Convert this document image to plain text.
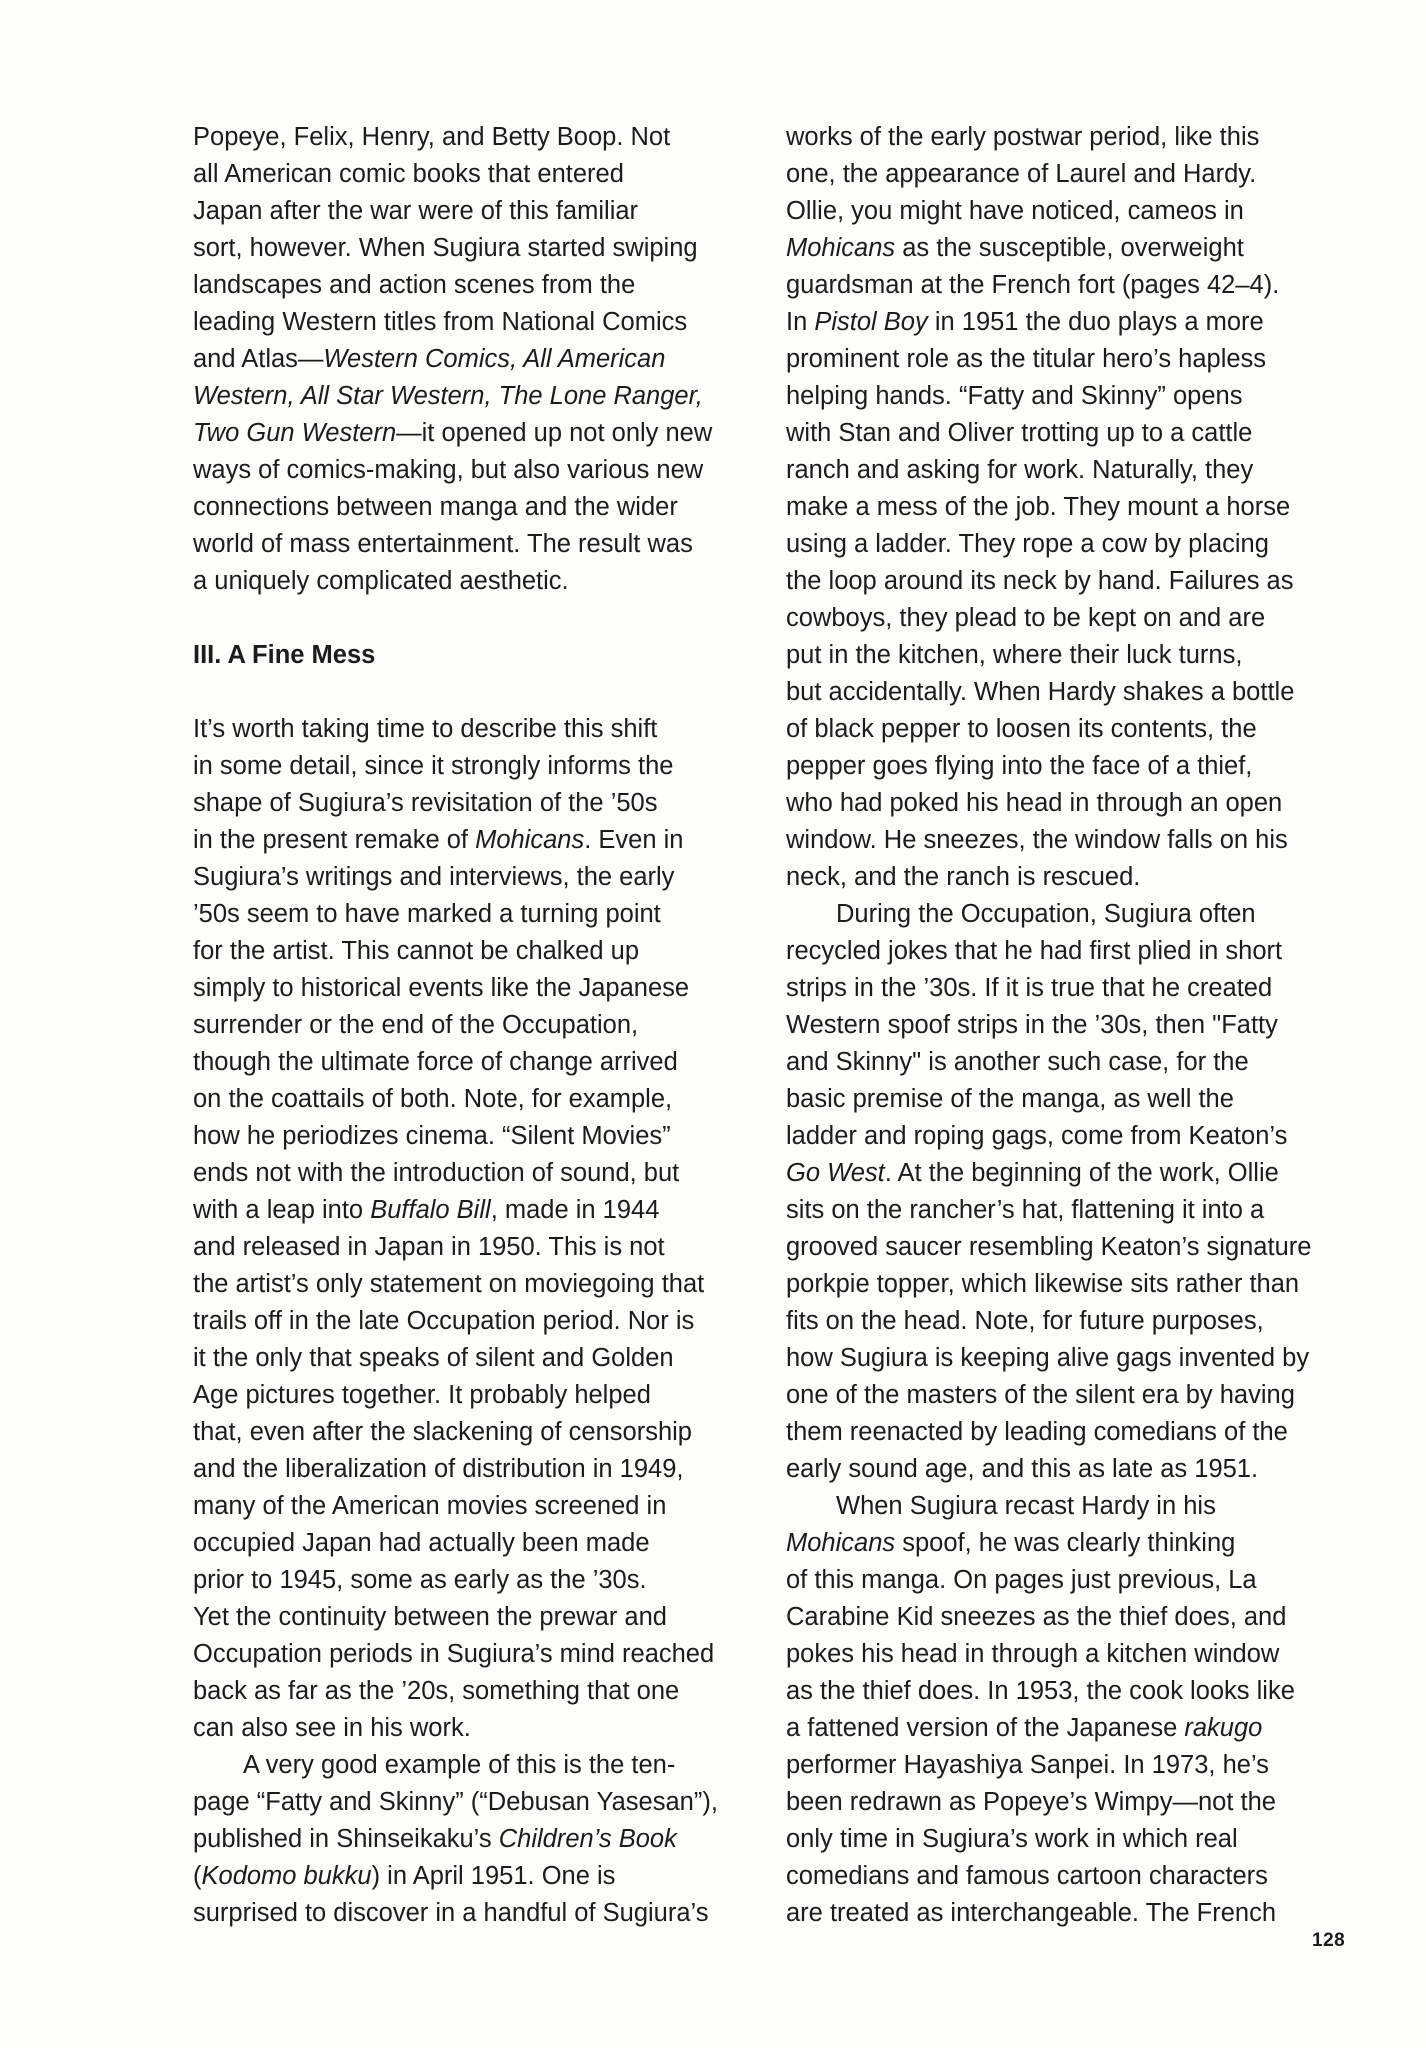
Popeye, Felix, Henry, and Betty Boop. Not
all American comic books that entered
Japan after the war were of this familiar
sort, however. When Sugiura started swiping
landscapes and action scenes from the
leading Western titles from National Comics
and Atlas—Western Comics, All American
Western, All Star Western, The Lone Ranger,
Two Gun Western—it opened up not only new
ways of comics-making, but also various new
connections between manga and the wider
world of mass entertainment. The result was
a uniquely complicated aesthetic.
III. A Fine Mess
It’s worth taking time to describe this shift
in some detail, since it strongly informs the
shape of Sugiura’s revisitation of the ’50s
in the present remake of Mohicans. Even in
Sugiura’s writings and interviews, the early
’50s seem to have marked a turning point
for the artist. This cannot be chalked up
simply to historical events like the Japanese
surrender or the end of the Occupation,
though the ultimate force of change arrived
on the coattails of both. Note, for example,
how he periodizes cinema. “Silent Movies”
ends not with the introduction of sound, but
with a leap into Buffalo Bill, made in 1944
and released in Japan in 1950. This is not
the artist’s only statement on moviegoing that
trails off in the late Occupation period. Nor is
it the only that speaks of silent and Golden
Age pictures together. It probably helped
that, even after the slackening of censorship
and the liberalization of distribution in 1949,
many of the American movies screened in
occupied Japan had actually been made
prior to 1945, some as early as the ’30s.
Yet the continuity between the prewar and
Occupation periods in Sugiura’s mind reached
back as far as the ’20s, something that one
can also see in his work.
A very good example of this is the ten-
page “Fatty and Skinny” (“Debusan Yasesan”),
published in Shinseikaku’s Children’s Book
(Kodomo bukku) in April 1951. One is
surprised to discover in a handful of Sugiura’s
works of the early postwar period, like this
one, the appearance of Laurel and Hardy.
Ollie, you might have noticed, cameos in
Mohicans as the susceptible, overweight
guardsman at the French fort (pages 42–4).
In Pistol Boy in 1951 the duo plays a more
prominent role as the titular hero’s hapless
helping hands. “Fatty and Skinny” opens
with Stan and Oliver trotting up to a cattle
ranch and asking for work. Naturally, they
make a mess of the job. They mount a horse
using a ladder. They rope a cow by placing
the loop around its neck by hand. Failures as
cowboys, they plead to be kept on and are
put in the kitchen, where their luck turns,
but accidentally. When Hardy shakes a bottle
of black pepper to loosen its contents, the
pepper goes flying into the face of a thief,
who had poked his head in through an open
window. He sneezes, the window falls on his
neck, and the ranch is rescued.
During the Occupation, Sugiura often
recycled jokes that he had first plied in short
strips in the ’30s. If it is true that he created
Western spoof strips in the ’30s, then "Fatty
and Skinny" is another such case, for the
basic premise of the manga, as well the
ladder and roping gags, come from Keaton’s
Go West. At the beginning of the work, Ollie
sits on the rancher’s hat, flattening it into a
grooved saucer resembling Keaton’s signature
porkpie topper, which likewise sits rather than
fits on the head. Note, for future purposes,
how Sugiura is keeping alive gags invented by
one of the masters of the silent era by having
them reenacted by leading comedians of the
early sound age, and this as late as 1951.
When Sugiura recast Hardy in his
Mohicans spoof, he was clearly thinking
of this manga. On pages just previous, La
Carabine Kid sneezes as the thief does, and
pokes his head in through a kitchen window
as the thief does. In 1953, the cook looks like
a fattened version of the Japanese rakugo
performer Hayashiya Sanpei. In 1973, he’s
been redrawn as Popeye’s Wimpy—not the
only time in Sugiura’s work in which real
comedians and famous cartoon characters
are treated as interchangeable. The French
128
